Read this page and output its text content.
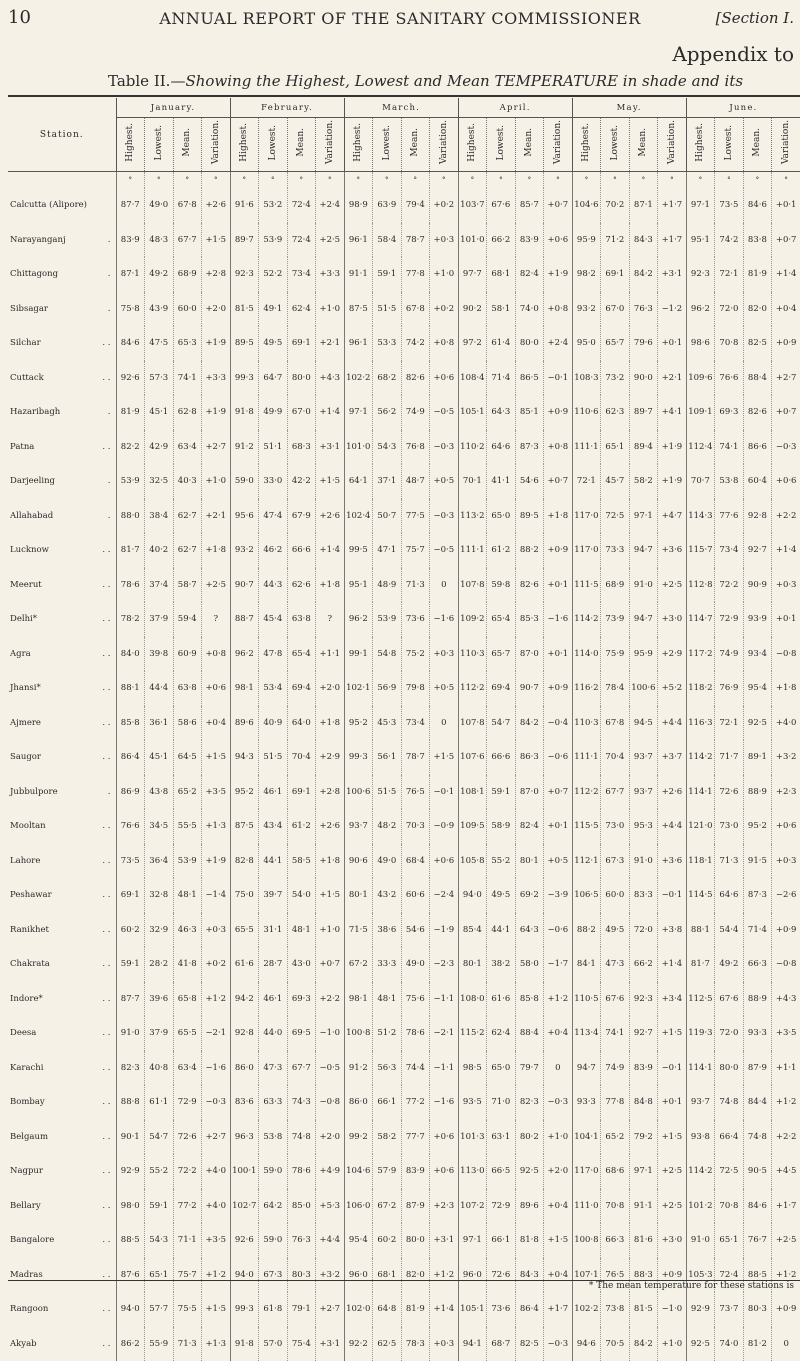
10	ANNUAL REPORT OF THE SANITARY COMMISSIONER	[Section I.
Appendix to
Table II.—Showing the Highest, Lowest and Mean TEMPERATURE in shade and its
Station.	January.				February.				March.				April.				May.				June.			
	Highest.	Lowest.	Mean.	Variation.	Highest.	Lowest.	Mean.	Variation.	Highest.	Lowest.	Mean.	Variation.	Highest.	Lowest.	Mean.	Variation.	Highest.	Lowest.	Mean.	Variation.	Highest.	Lowest.	Mean.	Variation.
	°	°	°	°	°	°	°	°	°	°	°	°	°	°	°	°	°	°	°	°	°	°	°	°

Calcutta (Alipore)	87·7	49·0	67·8	+2·6	91·6	53·2	72·4	+2·4	98·9	63·9	79·4	+0·2	103·7	67·6	85·7	+0·7	104·6	70·2	87·1	+1·7	97·1	73·5	84·6	+0·1

.
Narayanganj	83·9	48·3	67·7	+1·5	89·7	53·9	72·4	+2·5	96·1	58·4	78·7	+0·3	101·0	66·2	83·9	+0·6	95·9	71·2	84·3	+1·7	95·1	74·2	83·8	+0·7

.
Chittagong	87·1	49·2	68·9	+2·8	92·3	52·2	73·4	+3·3	91·1	59·1	77·8	+1·0	97·7	68·1	82·4	+1·9	98·2	69·1	84·2	+3·1	92·3	72·1	81·9	+1·4

.
Sibsagar	75·8	43·9	60·0	+2·0	81·5	49·1	62·4	+1·0	87·5	51·5	67·8	+0·2	90·2	58·1	74·0	+0·8	93·2	67·0	76·3	−1·2	96·2	72·0	82·0	+0·4

. .
Silchar	84·6	47·5	65·3	+1·9	89·5	49·5	69·1	+2·1	96·1	53·3	74·2	+0·8	97·2	61·4	80·0	+2·4	95·0	65·7	79·6	+0·1	98·6	70·8	82·5	+0·9

. .
Cuttack	92·6	57·3	74·1	+3·3	99·3	64·7	80·0	+4·3	102·2	68·2	82·6	+0·6	108·4	71·4	86·5	−0·1	108·3	73·2	90·0	+2·1	109·6	76·6	88·4	+2·7

.
Hazaribagh	81·9	45·1	62·8	+1·9	91·8	49·9	67·0	+1·4	97·1	56·2	74·9	−0·5	105·1	64·3	85·1	+0·9	110·6	62·3	89·7	+4·1	109·1	69·3	82·6	+0·7

. .
Patna	82·2	42·9	63·4	+2·7	91·2	51·1	68·3	+3·1	101·0	54·3	76·8	−0·3	110·2	64·6	87·3	+0·8	111·1	65·1	89·4	+1·9	112·4	74·1	86·6	−0·3

.
Darjeeling	53·9	32·5	40·3	+1·0	59·0	33·0	42·2	+1·5	64·1	37·1	48·7	+0·5	70·1	41·1	54·6	+0·7	72·1	45·7	58·2	+1·9	70·7	53·8	60·4	+0·6

.
Allahabad	88·0	38·4	62·7	+2·1	95·6	47·4	67·9	+2·6	102·4	50·7	77·5	−0·3	113·2	65·0	89·5	+1·8	117·0	72·5	97·1	+4·7	114·3	77·6	92·8	+2·2

. .
Lucknow	81·7	40·2	62·7	+1·8	93·2	46·2	66·6	+1·4	99·5	47·1	75·7	−0·5	111·1	61·2	88·2	+0·9	117·0	73·3	94·7	+3·6	115·7	73·4	92·7	+1·4

. .
Meerut	78·6	37·4	58·7	+2·5	90·7	44·3	62·6	+1·8	95·1	48·9	71·3	0	107·8	59·8	82·6	+0·1	111·5	68·9	91·0	+2·5	112·8	72·2	90·9	+0·3

. .
Delhi*	78·2	37·9	59·4	?	88·7	45·4	63·8	?	96·2	53·9	73·6	−1·6	109·2	65·4	85·3	−1·6	114·2	73·9	94·7	+3·0	114·7	72·9	93·9	+0·1

. .
Agra	84·0	39·8	60·9	+0·8	96·2	47·8	65·4	+1·1	99·1	54·8	75·2	+0·3	110·3	65·7	87·0	+0·1	114·0	75·9	95·9	+2·9	117·2	74·9	93·4	−0·8

. .
Jhansi*	88·1	44·4	63·8	+0·6	98·1	53·4	69·4	+2·0	102·1	56·9	79·8	+0·5	112·2	69·4	90·7	+0·9	116·2	78·4	100·6	+5·2	118·2	76·9	95·4	+1·8

. .
Ajmere	85·8	36·1	58·6	+0·4	89·6	40·9	64·0	+1·8	95·2	45·3	73·4	0	107·8	54·7	84·2	−0·4	110·3	67·8	94·5	+4·4	116·3	72·1	92·5	+4·0

. .
Saugor	86·4	45·1	64·5	+1·5	94·3	51·5	70·4	+2·9	99·3	56·1	78·7	+1·5	107·6	66·6	86·3	−0·6	111·1	70·4	93·7	+3·7	114·2	71·7	89·1	+3·2

.
Jubbulpore	86·9	43·8	65·2	+3·5	95·2	46·1	69·1	+2·8	100·6	51·5	76·5	−0·1	108·1	59·1	87·0	+0·7	112·2	67·7	93·7	+2·6	114·1	72·6	88·9	+2·3

. .
Mooltan	76·6	34·5	55·5	+1·3	87·5	43·4	61·2	+2·6	93·7	48·2	70·3	−0·9	109·5	58·9	82·4	+0·1	115·5	73·0	95·3	+4·4	121·0	73·0	95·2	+0·6

. .
Lahore	73·5	36·4	53·9	+1·9	82·8	44·1	58·5	+1·8	90·6	49·0	68·4	+0·6	105·8	55·2	80·1	+0·5	112·1	67·3	91·0	+3·6	118·1	71·3	91·5	+0·3

. .
Peshawar	69·1	32·8	48·1	−1·4	75·0	39·7	54·0	+1·5	80·1	43·2	60·6	−2·4	94·0	49·5	69·2	−3·9	106·5	60·0	83·3	−0·1	114·5	64·6	87·3	−2·6

. .
Ranikhet	60·2	32·9	46·3	+0·3	65·5	31·1	48·1	+1·0	71·5	38·6	54·6	−1·9	85·4	44·1	64·3	−0·6	88·2	49·5	72·0	+3·8	88·1	54·4	71·4	+0·9

. .
Chakrata	59·1	28·2	41·8	+0·2	61·6	28·7	43·0	+0·7	67·2	33·3	49·0	−2·3	80·1	38·2	58·0	−1·7	84·1	47·3	66·2	+1·4	81·7	49·2	66·3	−0·8

. .
Indore*	87·7	39·6	65·8	+1·2	94·2	46·1	69·3	+2·2	98·1	48·1	75·6	−1·1	108·0	61·6	85·8	+1·2	110·5	67·6	92·3	+3·4	112·5	67·6	88·9	+4·3

. .
Deesa	91·0	37·9	65·5	−2·1	92·8	44·0	69·5	−1·0	100·8	51·2	78·6	−2·1	115·2	62·4	88·4	+0·4	113·4	74·1	92·7	+1·5	119·3	72·0	93·3	+3·5

. .
Karachi	82·3	40·8	63·4	−1·6	86·0	47·3	67·7	−0·5	91·2	56·3	74·4	−1·1	98·5	65·0	79·7	0	94·7	74·9	83·9	−0·1	114·1	80·0	87·9	+1·1

. .
Bombay	88·8	61·1	72·9	−0·3	83·6	63·3	74·3	−0·8	86·0	66·1	77·2	−1·6	93·5	71·0	82·3	−0·3	93·3	77·8	84·8	+0·1	93·7	74·8	84·4	+1·2

. .
Belgaum	90·1	54·7	72·6	+2·7	96·3	53·8	74·8	+2·0	99·2	58·2	77·7	+0·6	101·3	63·1	80·2	+1·0	104·1	65·2	79·2	+1·5	93·8	66·4	74·8	+2·2

. .
Nagpur	92·9	55·2	72·2	+4·0	100·1	59·0	78·6	+4·9	104·6	57·9	83·9	+0·6	113·0	66·5	92·5	+2·0	117·0	68·6	97·1	+2·5	114·2	72·5	90·5	+4·5

. .
Bellary	98·0	59·1	77·2	+4·0	102·7	64·2	85·0	+5·3	106·0	67·2	87·9	+2·3	107·2	72·9	89·6	+0·4	111·0	70·8	91·1	+2·5	101·2	70·8	84·6	+1·7

. .
Bangalore	88·5	54·3	71·1	+3·5	92·6	59·0	76·3	+4·4	95·4	60·2	80·0	+3·1	97·1	66·1	81·8	+1·5	100·8	66·3	81·6	+3·0	91·0	65·1	76·7	+2·5

. .
Madras	87·6	65·1	75·7	+1·2	94·0	67·3	80·3	+3·2	96·0	68·1	82·0	+1·2	96·0	72·6	84·3	+0·4	107·1	76·5	88·3	+0·9	105·3	72·4	88·5	+1·2

. .
Rangoon	94·0	57·7	75·5	+1·5	99·3	61·8	79·1	+2·7	102·0	64·8	81·9	+1·4	105·1	73·6	86·4	+1·7	102·2	73·8	81·5	−1·0	92·9	73·7	80·3	+0·9

. .
Akyab	86·2	55·9	71·3	+1·3	91·8	57·0	75·4	+3·1	92·2	62·5	78·3	+0·3	94·1	68·7	82·5	−0·3	94·6	70·5	84·2	+1·0	92·5	74·0	81·2	0
* The mean temperature for these stations is
